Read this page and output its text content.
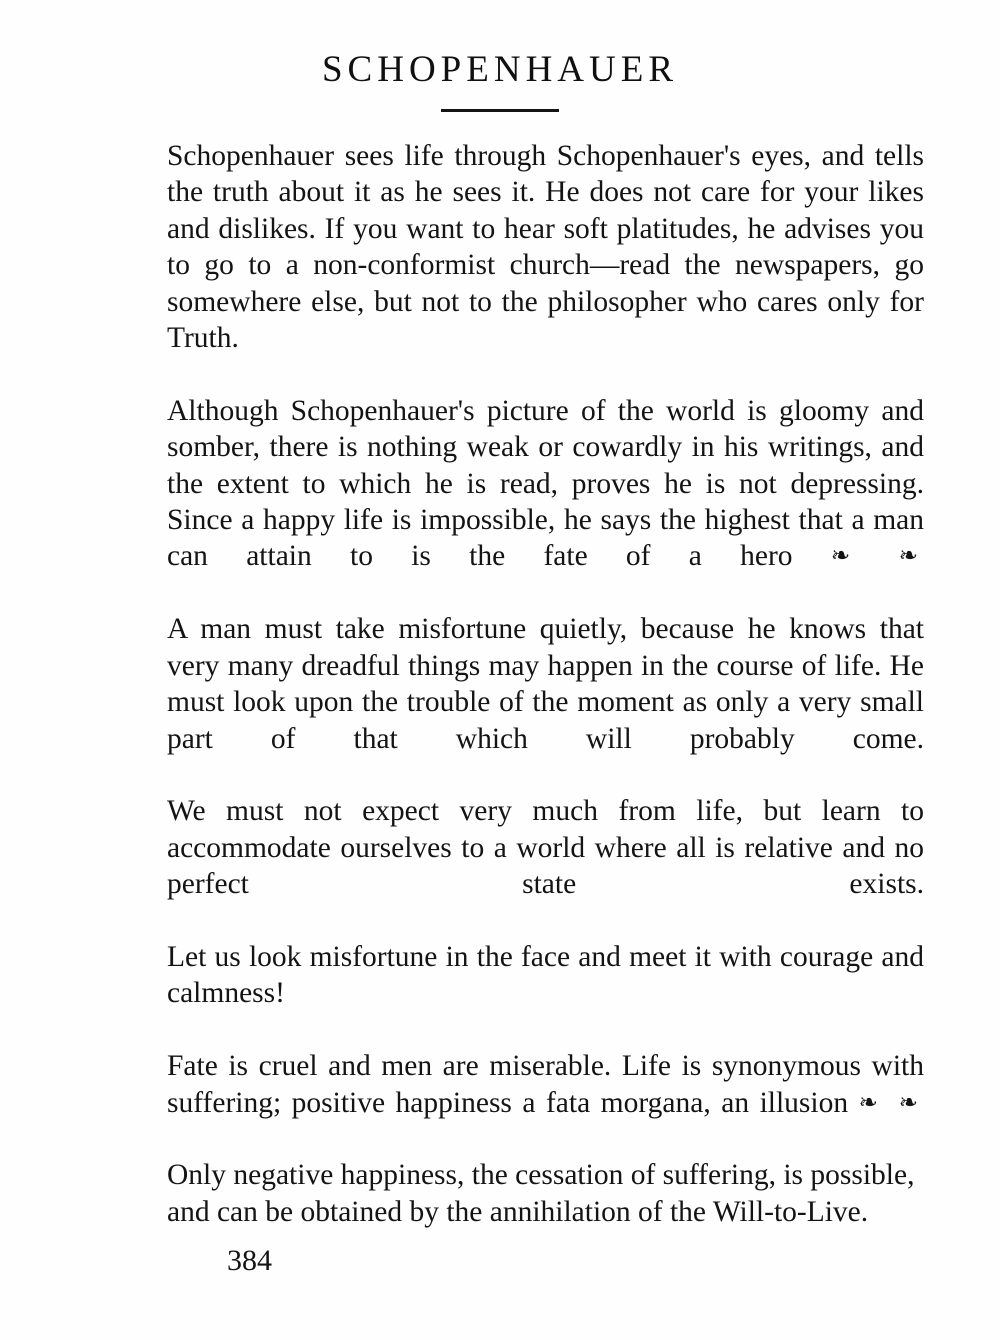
SCHOPENHAUER

Schopenhauer sees life through Schopenhauer's eyes, and tells the truth about it as he sees it. He does not care for your likes and dislikes. If you want to hear soft platitudes, he advises you to go to a non-conformist church—read the newspapers, go somewhere else, but not to the philosopher who cares only for Truth.

Although Schopenhauer's picture of the world is gloomy and somber, there is nothing weak or cowardly in his writings, and the extent to which he is read, proves he is not depressing. Since a happy life is impossible, he says the highest that a man can attain to is the fate of a hero ❧ ❧

A man must take misfortune quietly, because he knows that very many dreadful things may happen in the course of life. He must look upon the trouble of the moment as only a very small part of that which will probably come.

We must not expect very much from life, but learn to accommodate ourselves to a world where all is relative and no perfect state exists.

Let us look misfortune in the face and meet it with courage and calmness!

Fate is cruel and men are miserable. Life is synonymous with suffering; positive happiness a fata morgana, an illusion ❧ ❧

Only negative happiness, the cessation of suffering, is possible, and can be obtained by the annihilation of the Will-to-Live.

384
